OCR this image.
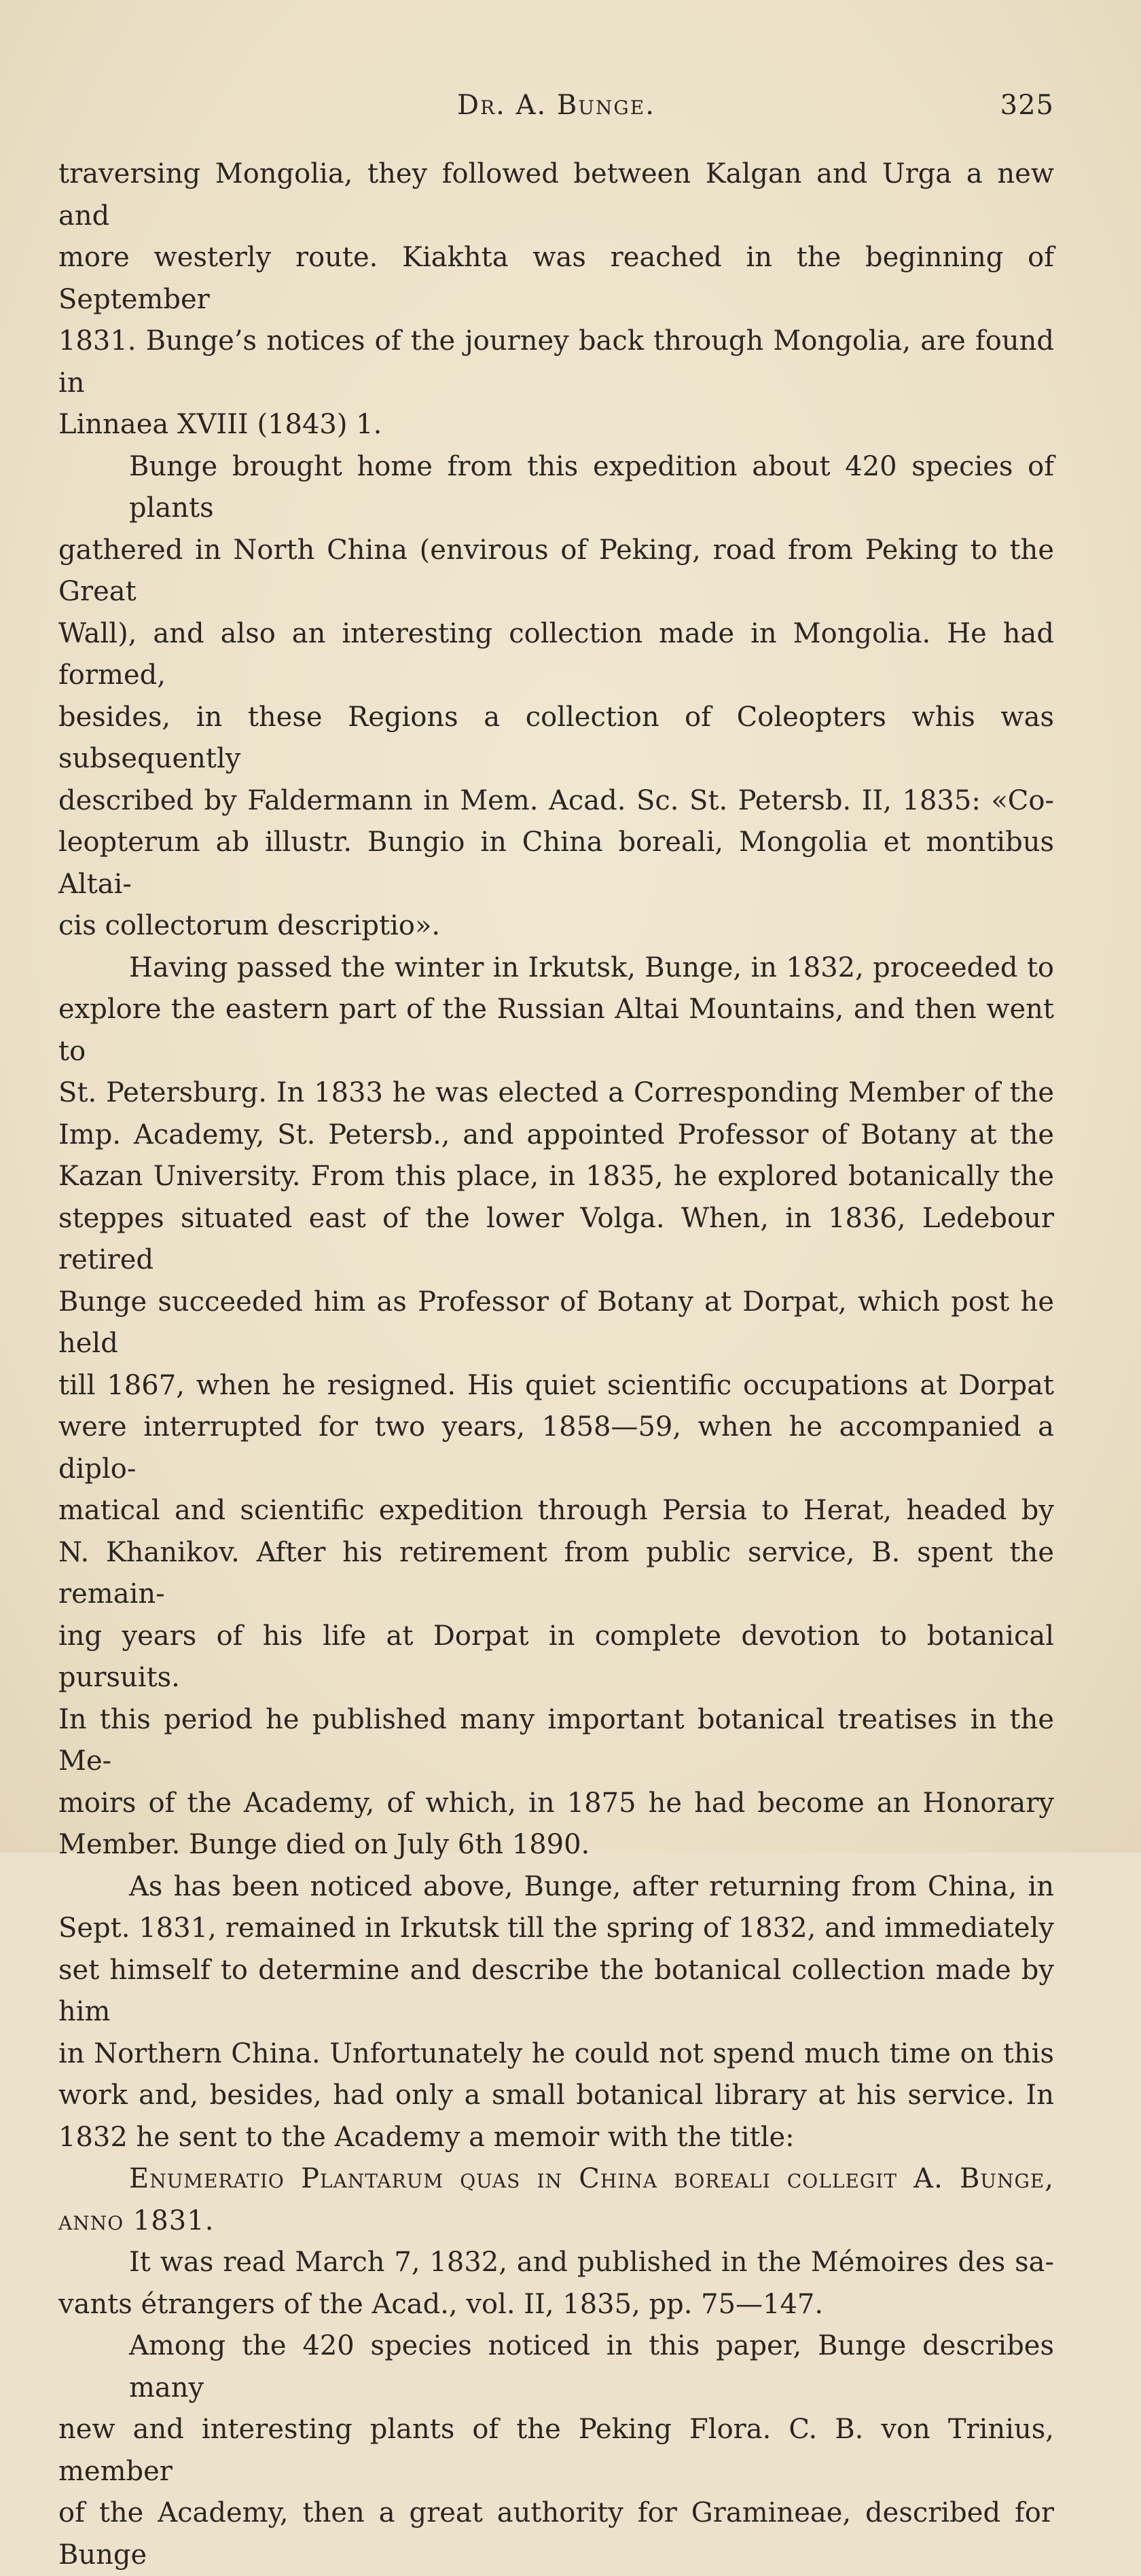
Dr. A. Bunge.	325

traversing Mongolia, they followed between Kalgan and Urga a new and
more westerly route. Kiakhta was reached in the beginning of September
1831. Bunge’s notices of the journey back through Mongolia, are found in
Linnaea XVIII (1843) 1.

Bunge brought home from this expedition about 420 species of plants
gathered in North China (envirous of Peking, road from Peking to the Great
Wall), and also an interesting collection made in Mongolia. He had formed,
besides, in these Regions a collection of Coleopters whis was subsequently
described by Faldermann in Mem. Acad. Sc. St. Petersb. II, 1835: «Co-
leopterum ab illustr. Bungio in China boreali, Mongolia et montibus Altai-
cis collectorum descriptio».

Having passed the winter in Irkutsk, Bunge, in 1832, proceeded to
explore the eastern part of the Russian Altai Mountains, and then went to
St. Petersburg. In 1833 he was elected a Corresponding Member of the
Imp. Academy, St. Petersb., and appointed Professor of Botany at the
Kazan University. From this place, in 1835, he explored botanically the
steppes situated east of the lower Volga. When, in 1836, Ledebour retired
Bunge succeeded him as Professor of Botany at Dorpat, which post he held
till 1867, when he resigned. His quiet scientific occupations at Dorpat
were interrupted for two years, 1858—59, when he accompanied a diplo-
matical and scientific expedition through Persia to Herat, headed by
N. Khanikov. After his retirement from public service, B. spent the remain-
ing years of his life at Dorpat in complete devotion to botanical pursuits.
In this period he published many important botanical treatises in the Me-
moirs of the Academy, of which, in 1875 he had become an Honorary
Member. Bunge died on July 6th 1890.

As has been noticed above, Bunge, after returning from China, in
Sept. 1831, remained in Irkutsk till the spring of 1832, and immediately
set himself to determine and describe the botanical collection made by him
in Northern China. Unfortunately he could not spend much time on this
work and, besides, had only a small botanical library at his service. In
1832 he sent to the Academy a memoir with the title:

Enumeratio Plantarum quas in China boreali collegit A. Bunge,
anno 1831.

It was read March 7, 1832, and published in the Mémoires des sa-
vants étrangers of the Acad., vol. II, 1835, pp. 75—147.

Among the 420 species noticed in this paper, Bunge describes many
new and interesting plants of the Peking Flora. C. B. von Trinius, member
of the Academy, then a great authority for Gramineae, described for Bunge
